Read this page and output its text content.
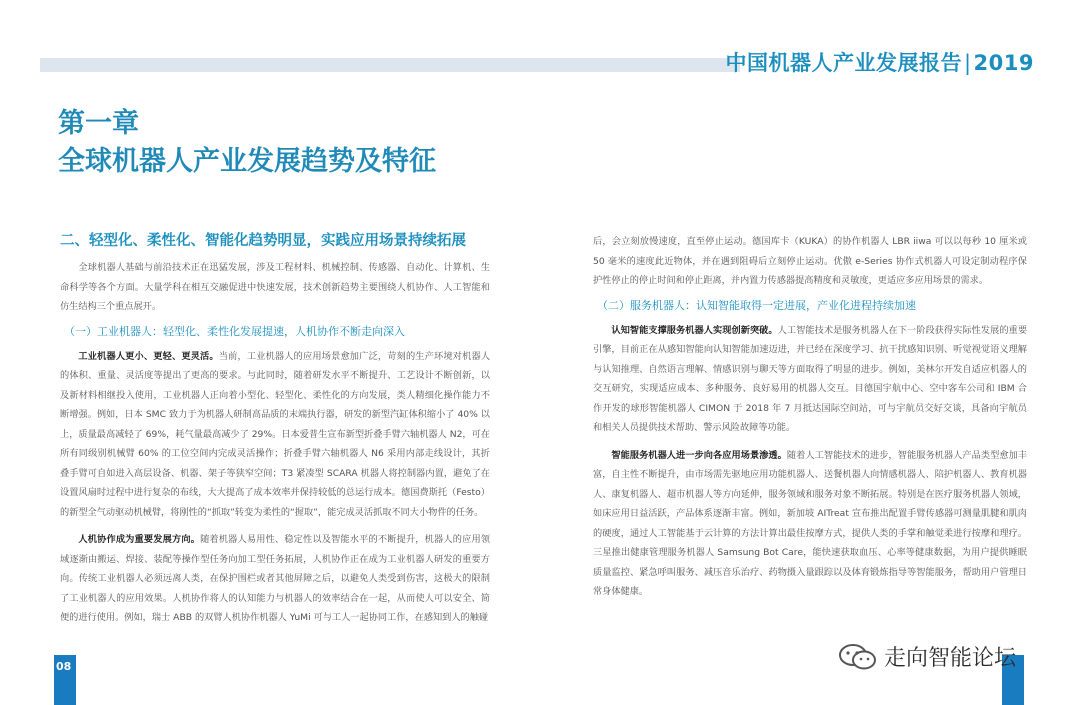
中国机器人产业发展报告|2019
第一章
全球机器人产业发展趋势及特征
二、轻型化、柔性化、智能化趋势明显，实践应用场景持续拓展

全球机器人基础与前沿技术正在迅猛发展，涉及工程材料、机械控制、传感器、自动化、计算机、生命科学等各个方面。大量学科在相互交融促进中快速发展，技术创新趋势主要围绕人机协作、人工智能和仿生结构三个重点展开。

（一）工业机器人：轻型化、柔性化发展提速，人机协作不断走向深入

工业机器人更小、更轻、更灵活。当前，工业机器人的应用场景愈加广泛，苛刻的生产环境对机器人的体积、重量、灵活度等提出了更高的要求。与此同时，随着研发水平不断提升、工艺设计不断创新，以及新材料相继投入使用，工业机器人正向着小型化、轻型化、柔性化的方向发展，类人精细化操作能力不断增强。例如，日本 SMC 致力于为机器人研制高品质的末端执行器，研发的新型汽缸体积缩小了 40% 以上，质量最高减轻了 69%，耗气量最高减少了 29%。日本爱普生宣布新型折叠手臂六轴机器人 N2，可在所有同级别机械臂 60% 的工位空间内完成灵活操作；折叠手臂六轴机器人 N6 采用内部走线设计，其折叠手臂可自如进入高层设备、机器、架子等狭窄空间；T3 紧凑型 SCARA 机器人将控制器内置，避免了在设置风扇时过程中进行复杂的布线，大大提高了成本效率并保持较低的总运行成本。德国费斯托（Festo）的新型全气动驱动机械臂，将刚性的“抓取”转变为柔性的“握取”，能完成灵活抓取不同大小物件的任务。

人机协作成为重要发展方向。随着机器人易用性、稳定性以及智能水平的不断提升，机器人的应用领域逐渐由搬运、焊接、装配等操作型任务向加工型任务拓展，人机协作正在成为工业机器人研发的重要方向。传统工业机器人必须远离人类，在保护围栏或者其他屏障之后，以避免人类受到伤害，这极大的限制了工业机器人的应用效果。人机协作将人的认知能力与机器人的效率结合在一起，从而使人可以安全、简便的进行使用。例如，瑞士 ABB 的双臂人机协作机器人 YuMi 可与工人一起协同工作，在感知到人的触碰

后，会立刻放慢速度，直至停止运动。德国库卡（KUKA）的协作机器人 LBR iiwa 可以以每秒 10 厘米或 50 毫米的速度此近物体，并在遇到阻碍后立刻停止运动。优傲 e-Series 协作式机器人可设定制动程序保护性停止的停止时间和停止距离，并内置力传感器提高精度和灵敏度，更适应多应用场景的需求。

（二）服务机器人：认知智能取得一定进展，产业化进程持续加速

认知智能支撑服务机器人实现创新突破。人工智能技术是服务机器人在下一阶段获得实际性发展的重要引擎，目前正在从感知智能向认知智能加速迈进，并已经在深度学习、抗干扰感知识别、听觉视觉语义理解与认知推理、自然语言理解、情感识别与聊天等方面取得了明显的进步。例如，美林尔开发自适应机器人的交互研究，实现适应成本、多种服务、良好易用的机器人交互。目德国宇航中心、空中客车公司和 IBM 合作开发的球形智能机器人 CIMON 于 2018 年 7 月抵达国际空间站，可与宇航员交好交谈，具备向宇航员和相关人员提供技术帮助、警示风险故障等功能。

智能服务机器人进一步向各应用场景渗透。随着人工智能技术的进步，智能服务机器人产品类型愈加丰富，自主性不断提升，由市场需先驱地应用功能机器人、送餐机器人向情感机器人、陪护机器人、教育机器人、康复机器人、超市机器人等方向延伸，服务领域和服务对象不断拓展。特别是在医疗服务机器人领域，如床应用日益活跃，产品体系逐渐丰富。例如，新加坡 AITreat 宣布推出配置手臂传感器可测量肌腱和肌肉的硬度，通过人工智能基于云计算的方法计算出最佳按摩方式，提供人类的手掌和触觉柔进行按摩和理疗。三星推出健康管理服务机器人 Samsung Bot Care，能快速获取血压、心率等健康数据，为用户提供睡眠质量监控、紧急呼叫服务、减压音乐治疗、药物摄入量跟踪以及体育锻炼指导等智能服务，帮助用户管理日常身体健康。

08	走向智能论坛
